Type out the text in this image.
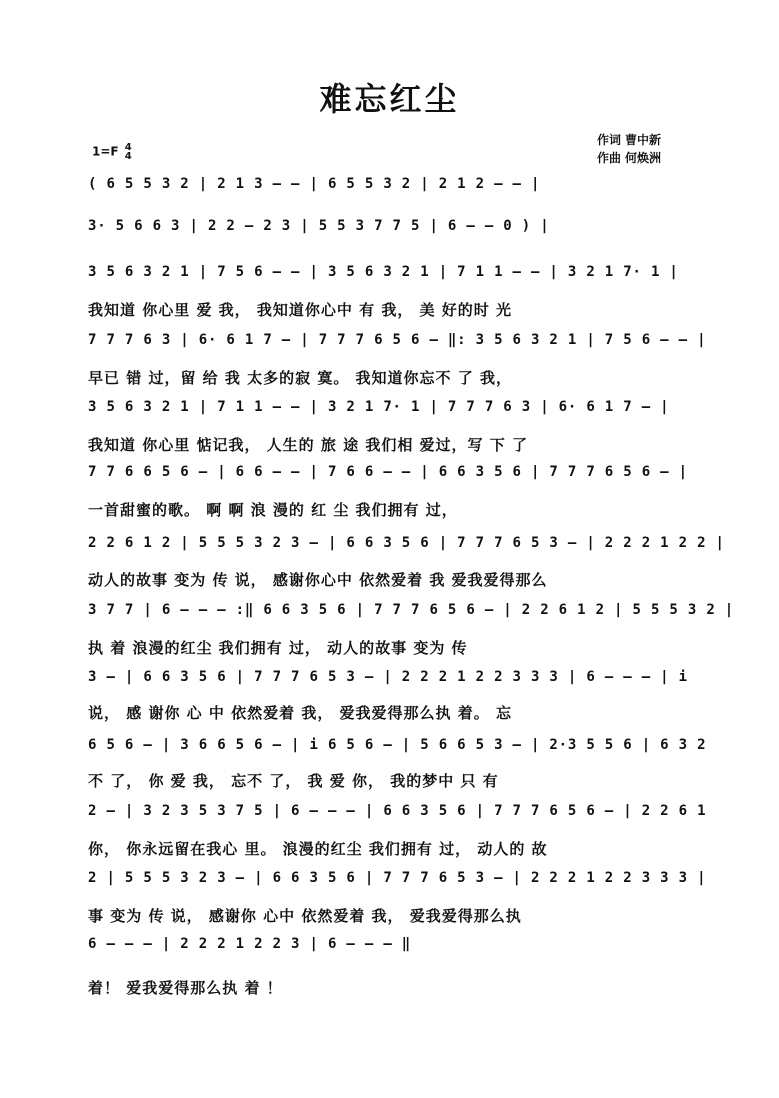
难忘红尘
1=F 4
4
作词 曹中新
作曲 何焕洲
( 6 5 5 3 2 | 2 1 3 – – | 6 5 5 3 2 | 2 1 2 – – |
3· 5 6 6 3 | 2 2 – 2 3 | 5 5 3 7 7 5 | 6 – – 0 ) |
3 5 6 3 2 1 | 7 5 6 – – | 3 5 6 3 2 1 | 7 1 1 – – | 3 2 1 7· 1 |
我知道 你心里 爱 我， 我知道你心中 有 我， 美 好的时 光
7 7 7 6 3 | 6· 6 1 7 – | 7 7 7 6 5 6 – ‖: 3 5 6 3 2 1 | 7 5 6 – – |
早已 错 过，留 给 我 太多的寂 寞。 我知道你忘不 了 我，
3 5 6 3 2 1 | 7 1 1 – – | 3 2 1 7· 1 | 7 7 7 6 3 | 6· 6 1 7 – |
我知道 你心里 惦记我， 人生的 旅 途 我们相 爱过，写 下 了
7 7 6 6 5 6 – | 6 6 – – | 7 6 6 – – | 6 6 3 5 6 | 7 7 7 6 5 6 – |
一首甜蜜的歌。 啊 啊 浪 漫的 红 尘 我们拥有 过，
2 2 6 1 2 | 5 5 5 3 2 3 – | 6 6 3 5 6 | 7 7 7 6 5 3 – | 2 2 2 1 2 2 |
动人的故事 变为 传 说， 感谢你心中 依然爱着 我 爱我爱得那么
3 7 7 | 6 – – – :‖ 6 6 3 5 6 | 7 7 7 6 5 6 – | 2 2 6 1 2 | 5 5 5 3 2 |
执 着 浪漫的红尘 我们拥有 过， 动人的故事 变为 传
3 – | 6 6 3 5 6 | 7 7 7 6 5 3 – | 2 2 2 1 2 2 3 3 3 | 6 – – – | i
说， 感 谢你 心 中 依然爱着 我， 爱我爱得那么执 着。 忘
6 5 6 – | 3 6 6 5 6 – | i 6 5 6 – | 5 6 6 5 3 – | 2·3 5 5 6 | 6 3 2
不 了， 你 爱 我， 忘不 了， 我 爱 你， 我的梦中 只 有
2 – | 3 2 3 5 3 7 5 | 6 – – – | 6 6 3 5 6 | 7 7 7 6 5 6 – | 2 2 6 1
你， 你永远留在我心 里。 浪漫的红尘 我们拥有 过， 动人的 故
2 | 5 5 5 3 2 3 – | 6 6 3 5 6 | 7 7 7 6 5 3 – | 2 2 2 1 2 2 3 3 3 |
事 变为 传 说， 感谢你 心中 依然爱着 我， 爱我爱得那么执
6 – – – | 2 2 2 1 2 2 3 | 6 – – – ‖
着！ 爱我爱得那么执 着 ！
